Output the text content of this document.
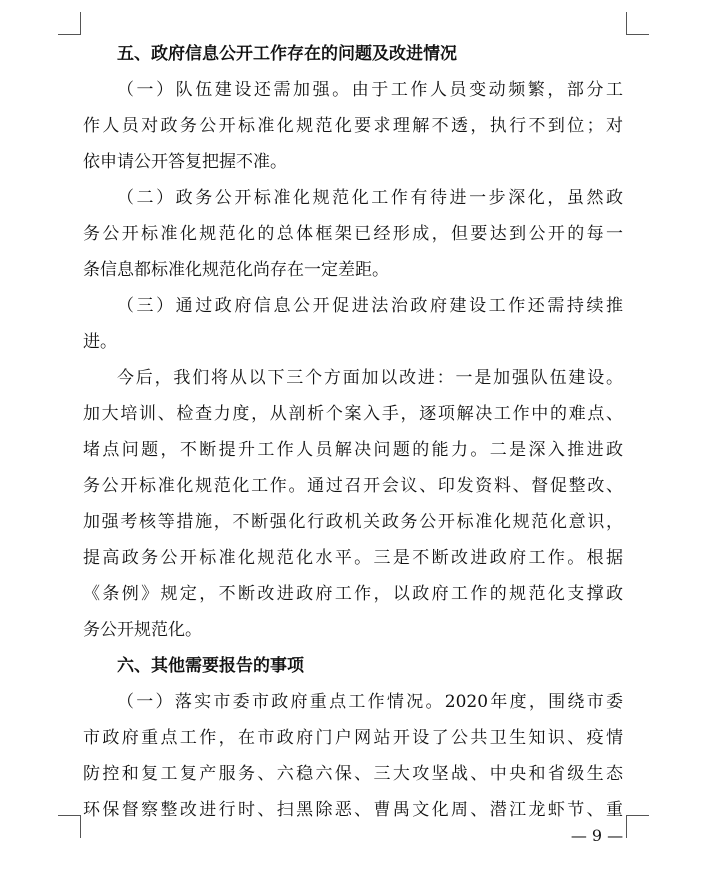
五、政府信息公开工作存在的问题及改进情况
（一）队伍建设还需加强。由于工作人员变动频繁，部分工
作人员对政务公开标准化规范化要求理解不透，执行不到位；对
依申请公开答复把握不准。
（二）政务公开标准化规范化工作有待进一步深化，虽然政
务公开标准化规范化的总体框架已经形成，但要达到公开的每一
条信息都标准化规范化尚存在一定差距。
（三）通过政府信息公开促进法治政府建设工作还需持续推
进。
今后，我们将从以下三个方面加以改进：一是加强队伍建设。
加大培训、检查力度，从剖析个案入手，逐项解决工作中的难点、
堵点问题，不断提升工作人员解决问题的能力。二是深入推进政
务公开标准化规范化工作。通过召开会议、印发资料、督促整改、
加强考核等措施，不断强化行政机关政务公开标准化规范化意识，
提高政务公开标准化规范化水平。三是不断改进政府工作。根据
《条例》规定，不断改进政府工作，以政府工作的规范化支撑政
务公开规范化。
六、其他需要报告的事项
（一）落实市委市政府重点工作情况。2020年度，围绕市委
市政府重点工作，在市政府门户网站开设了公共卫生知识、疫情
防控和复工复产服务、六稳六保、三大攻坚战、中央和省级生态
环保督察整改进行时、扫黑除恶、曹禺文化周、潜江龙虾节、重
— 9 —
